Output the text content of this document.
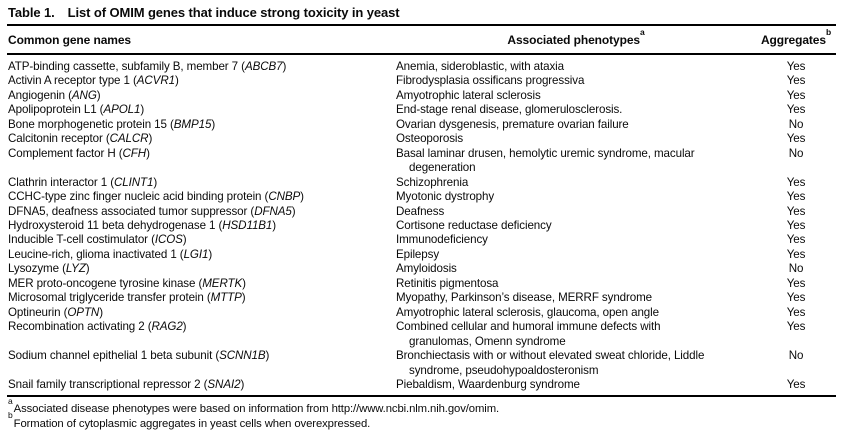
Table 1. List of OMIM genes that induce strong toxicity in yeast
Common gene names	Associated phenotypes$^a$	Aggregates$^b$
ATP-binding cassette, subfamily B, member 7 (ABCB7)	Anemia, sideroblastic, with ataxia	Yes
Activin A receptor type 1 (ACVR1)	Fibrodysplasia ossificans progressiva	Yes
Angiogenin (ANG)	Amyotrophic lateral sclerosis	Yes
Apolipoprotein L1 (APOL1)	End-stage renal disease, glomerulosclerosis.	Yes
Bone morphogenetic protein 15 (BMP15)	Ovarian dysgenesis, premature ovarian failure	No
Calcitonin receptor (CALCR)	Osteoporosis	Yes
Complement factor H (CFH)	Basal laminar drusen, hemolytic uremic syndrome, macular degeneration	No
Clathrin interactor 1 (CLINT1)	Schizophrenia	Yes
CCHC-type zinc finger nucleic acid binding protein (CNBP)	Myotonic dystrophy	Yes
DFNA5, deafness associated tumor suppressor (DFNA5)	Deafness	Yes
Hydroxysteroid 11 beta dehydrogenase 1 (HSD11B1)	Cortisone reductase deficiency	Yes
Inducible T-cell costimulator (ICOS)	Immunodeficiency	Yes
Leucine-rich, glioma inactivated 1 (LGI1)	Epilepsy	Yes
Lysozyme (LYZ)	Amyloidosis	No
MER proto-oncogene tyrosine kinase (MERTK)	Retinitis pigmentosa	Yes
Microsomal triglyceride transfer protein (MTTP)	Myopathy, Parkinson’s disease, MERRF syndrome	Yes
Optineurin (OPTN)	Amyotrophic lateral sclerosis, glaucoma, open angle	Yes
Recombination activating 2 (RAG2)	Combined cellular and humoral immune defects with granulomas, Omenn syndrome	Yes
Sodium channel epithelial 1 beta subunit (SCNN1B)	Bronchiectasis with or without elevated sweat chloride, Liddle syndrome, pseudohypoaldosteronism	No
Snail family transcriptional repressor 2 (SNAI2)	Piebaldism, Waardenburg syndrome	Yes
$^a$Associated disease phenotypes were based on information from http://www.ncbi.nlm.nih.gov/omim.
$^b$Formation of cytoplasmic aggregates in yeast cells when overexpressed.
